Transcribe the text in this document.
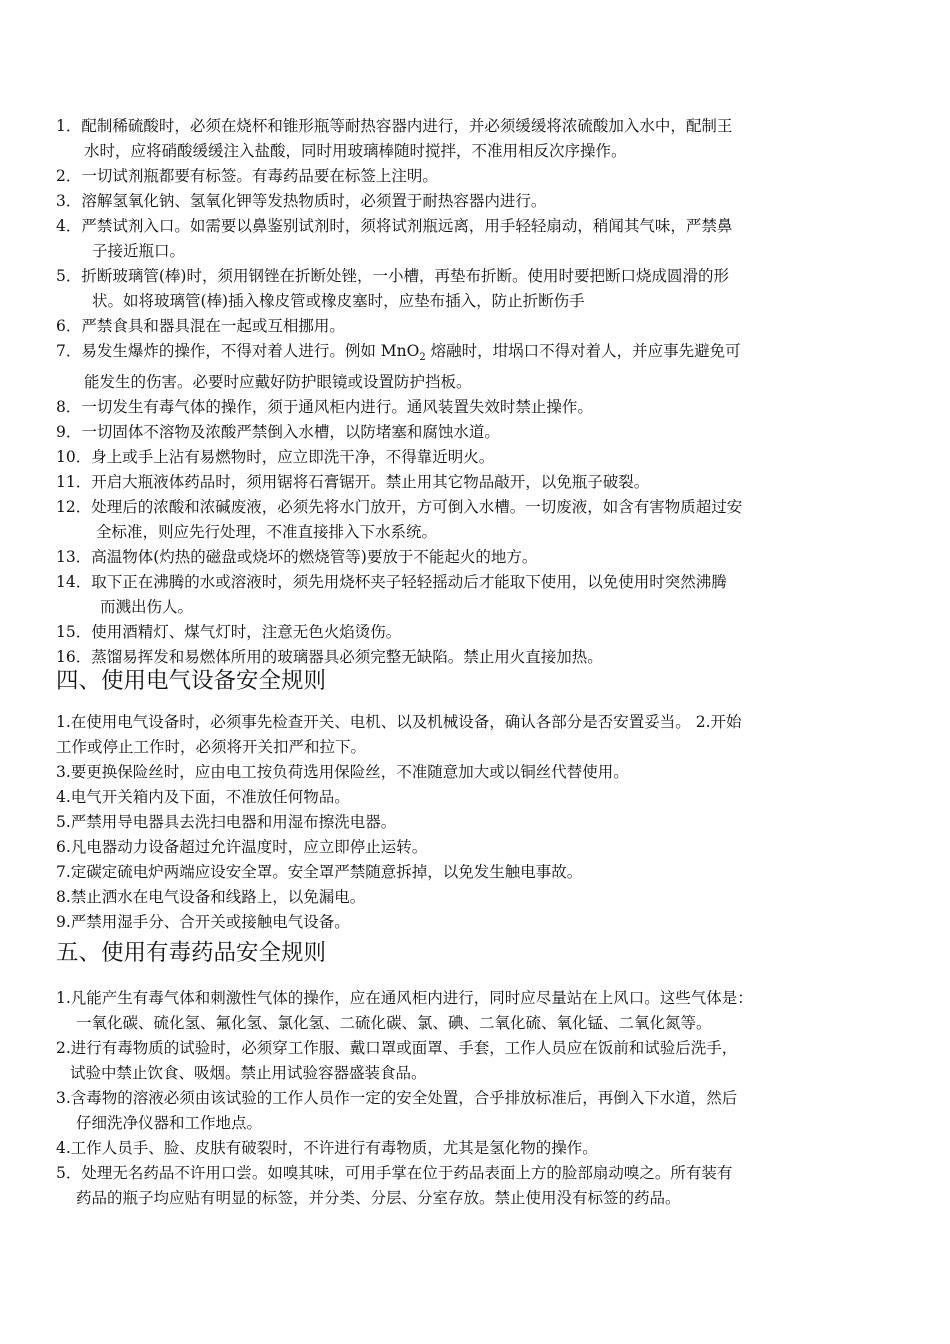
1．配制稀硫酸时，必须在烧杯和锥形瓶等耐热容器内进行，并必须缓缓将浓硫酸加入水中，配制王
水时，应将硝酸缓缓注入盐酸，同时用玻璃棒随时搅拌，不准用相反次序操作。

2．一切试剂瓶都要有标签。有毒药品要在标签上注明。

3．溶解氢氧化钠、氢氧化钾等发热物质时，必须置于耐热容器内进行。

4．严禁试剂入口。如需要以鼻鉴别试剂时，须将试剂瓶远离，用手轻轻扇动，稍闻其气味，严禁鼻
子接近瓶口。

5．折断玻璃管(棒)时，须用钢锉在折断处锉，一小槽，再垫布折断。使用时要把断口烧成圆滑的形
状。如将玻璃管(棒)插入橡皮管或橡皮塞时，应垫布插入，防止折断伤手

6．严禁食具和器具混在一起或互相挪用。

7．易发生爆炸的操作，不得对着人进行。例如 MnO$_2$ 熔融时，坩埚口不得对着人，并应事先避免可
能发生的伤害。必要时应戴好防护眼镜或设置防护挡板。

8．一切发生有毒气体的操作，须于通风柜内进行。通风装置失效时禁止操作。

9．一切固体不溶物及浓酸严禁倒入水槽，以防堵塞和腐蚀水道。

10．身上或手上沾有易燃物时，应立即洗干净，不得靠近明火。

11．开启大瓶液体药品时，须用锯将石膏锯开。禁止用其它物品敲开，以免瓶子破裂。

12．处理后的浓酸和浓碱废液，必须先将水门放开，方可倒入水槽。一切废液，如含有害物质超过安
全标准，则应先行处理，不准直接排入下水系统。

13．高温物体(灼热的磁盘或烧坏的燃烧管等)要放于不能起火的地方。

14．取下正在沸腾的水或溶液时，须先用烧杯夹子轻轻摇动后才能取下使用，以免使用时突然沸腾
而溅出伤人。

15．使用酒精灯、煤气灯时，注意无色火焰烫伤。

16．蒸馏易挥发和易燃体所用的玻璃器具必须完整无缺陷。禁止用火直接加热。

四、使用电气设备安全规则

1.在使用电气设备时，必须事先检查开关、电机、以及机械设备，确认各部分是否安置妥当。 2.开始
工作或停止工作时，必须将开关扣严和拉下。

3.要更换保险丝时，应由电工按负荷选用保险丝，不准随意加大或以铜丝代替使用。

4.电气开关箱内及下面，不准放任何物品。

5.严禁用导电器具去洗扫电器和用湿布擦洗电器。

6.凡电器动力设备超过允许温度时，应立即停止运转。

7.定碳定硫电炉两端应设安全罩。安全罩严禁随意拆掉，以免发生触电事故。

8.禁止洒水在电气设备和线路上，以免漏电。

9.严禁用湿手分、合开关或接触电气设备。

五、使用有毒药品安全规则

1.凡能产生有毒气体和刺激性气体的操作，应在通风柜内进行，同时应尽量站在上风口。这些气体是：
一氧化碳、硫化氢、氟化氢、氯化氢、二硫化碳、氯、碘、二氧化硫、氧化锰、二氧化氮等。

2.进行有毒物质的试验时，必须穿工作服、戴口罩或面罩、手套，工作人员应在饭前和试验后洗手，
试验中禁止饮食、吸烟。禁止用试验容器盛装食品。

3.含毒物的溶液必须由该试验的工作人员作一定的安全处置，合乎排放标准后，再倒入下水道，然后
仔细洗净仪器和工作地点。

4.工作人员手、脸、皮肤有破裂时，不许进行有毒物质，尤其是氢化物的操作。

5．处理无名药品不许用口尝。如嗅其味，可用手掌在位于药品表面上方的脸部扇动嗅之。所有装有
药品的瓶子均应贴有明显的标签，并分类、分层、分室存放。禁止使用没有标签的药品。
